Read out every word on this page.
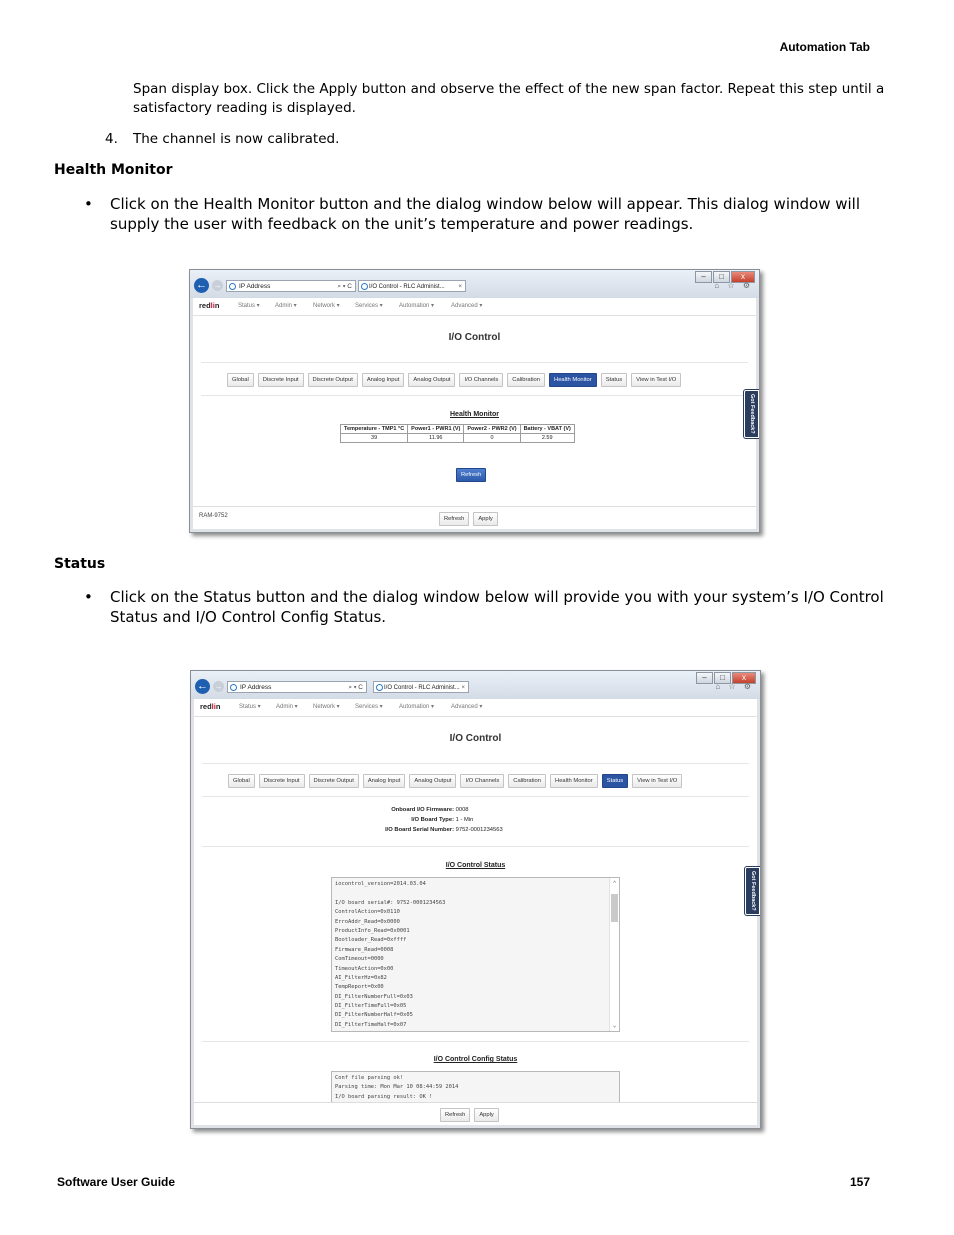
Automation Tab
Span display box. Click the Apply button and observe the effect of the new span factor. Repeat this step until a satisfactory reading is displayed.
4. The channel is now calibrated.
Health Monitor
• Click on the Health Monitor button and the dialog window below will appear. This dialog window will supply the user with feedback on the unit’s temperature and power readings.
–	□	x
← →	IP Address	⌕ ▾ C	I/O Control - RLC Administ... ×	⌂ ☆ ⚙
redlin	Status ▾	Admin ▾	Network ▾	Services ▾	Automation ▾	Advanced ▾
I/O Control
Global	Discrete Input	Discrete Output	Analog Input	Analog Output	I/O Channels	Calibration	Health Monitor	Status	View in Test I/O
Got Feedback?
Health Monitor
Temperature - TMP1 °C	Power1 - PWR1 (V)	Power2 - PWR2 (V)	Battery - VBAT (V)
39	11.96	0	2.59
Refresh
RAM-9752	Refresh	Apply
Status
• Click on the Status button and the dialog window below will provide you with your system’s I/O Control Status and I/O Control Config Status.
–	□	x
← →	IP Address	⌕ ▾ C	I/O Control - RLC Administ... ×	⌂ ☆ ⚙
redlin	Status ▾	Admin ▾	Network ▾	Services ▾	Automation ▾	Advanced ▾
I/O Control
Global	Discrete Input	Discrete Output	Analog Input	Analog Output	I/O Channels	Calibration	Health Monitor	Status	View in Test I/O
Onboard I/O Firmware: 0008
I/O Board Type: 1 - Min
I/O Board Serial Number: 9752-0001234563
I/O Control Status
iocontrol_version=2014.03.04
I/O board serial#: 9752-0001234563
ControlAction=0x0110
ErroAddr_Read=0x0000
ProductInfo_Read=0x0001
Bootloader_Read=0xffff
Firmware_Read=0008
ComTimeout=0000
TimeoutAction=0x00
AI_FilterHz=0x82
TempReport=0x00
DI_FilterNumberFull=0x03
DI_FilterTimeFull=0x05
DI_FilterNumberHalf=0x05
DI_FilterTimeHalf=0x07
⌃
⌄
Got Feedback?
I/O Control Config Status
Conf file parsing ok!
Parsing time: Mon Mar 10 08:44:59 2014
I/O board parsing result: OK !
Refresh	Apply
Software User Guide	157
